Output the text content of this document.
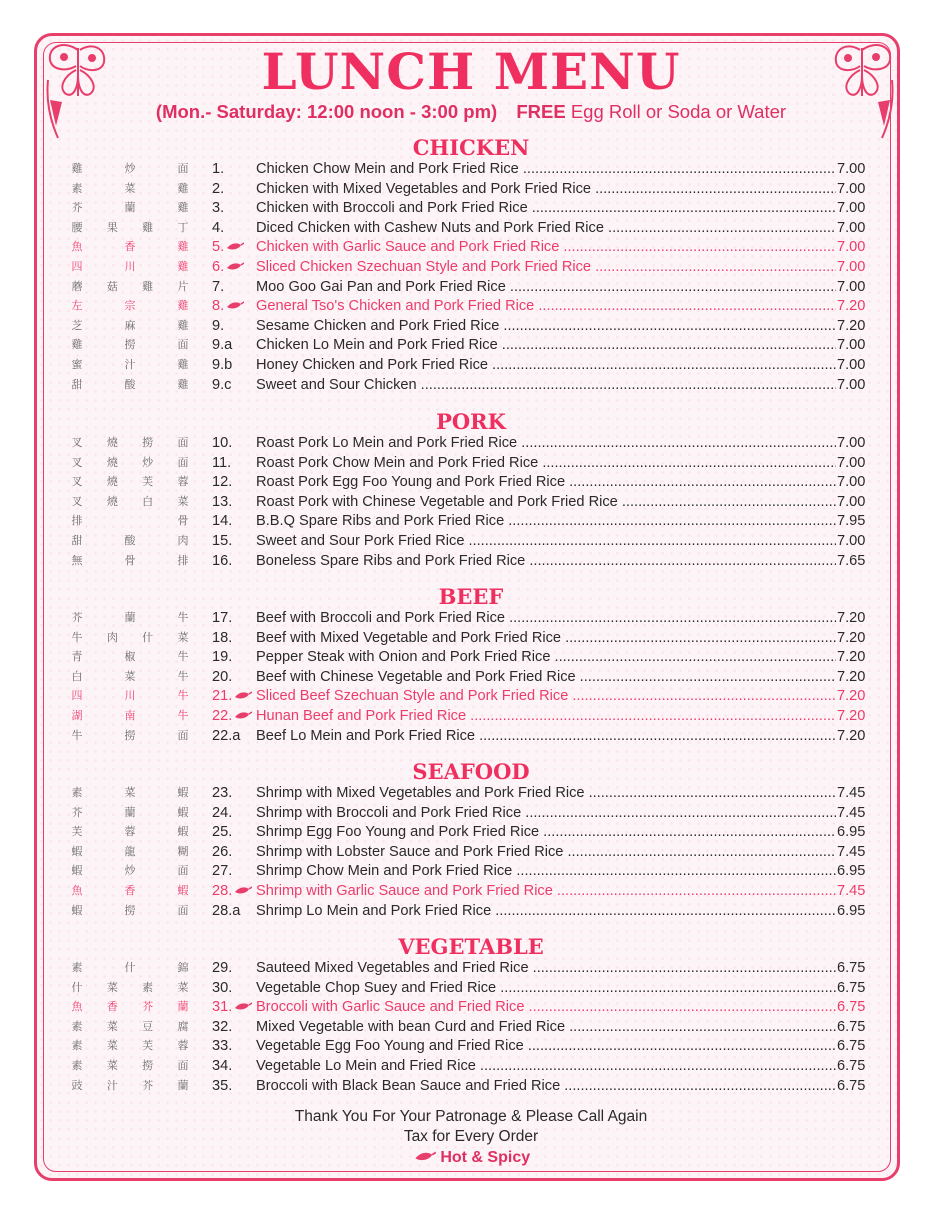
LUNCH MENU
(Mon.- Saturday: 12:00 noon - 3:00 pm) FREE Egg Roll or Soda or Water
CHICKEN
雞	炒	面 1.	Chicken Chow Mein and Pork Fried Rice .....	7.00
素	菜	雞 2.	Chicken with Mixed Vegetables and Pork Fried Rice .....	7.00
芥	蘭	雞 3.	Chicken with Broccoli and Pork Fried Rice .....	7.00
腰 果 雞 丁 4.	Diced Chicken with Cashew Nuts and Pork Fried Rice .....	7.00
魚	香	雞 5.	Chicken with Garlic Sauce and Pork Fried Rice .....	7.00
四	川	雞 6.	Sliced Chicken Szechuan Style and Pork Fried Rice .....	7.00
蘑 菇 雞 片 7.	Moo Goo Gai Pan and Pork Fried Rice .....	7.00
左	宗	雞 8.	General Tso's Chicken and Pork Fried Rice .....	7.20
芝	麻	雞 9.	Sesame Chicken and Pork Fried Rice .....	7.20
雞	撈	面 9.a	Chicken Lo Mein and Pork Fried Rice .....	7.00
蜜	汁	雞 9.b	Honey Chicken and Pork Fried Rice .....	7.00
甜	酸	雞 9.c	Sweet and Sour Chicken .....	7.00
PORK
叉 燒 撈 面 10.	Roast Pork Lo Mein and Pork Fried Rice .....	7.00
叉 燒 炒 面 11.	Roast Pork Chow Mein and Pork Fried Rice .....	7.00
叉 燒 芙 蓉 12.	Roast Pork Egg Foo Young and Pork Fried Rice .....	7.00
叉 燒 白 菜 13.	Roast Pork with Chinese Vegetable and Pork Fried Rice .....	7.00
排	骨 14.	B.B.Q Spare Ribs and Pork Fried Rice .....	7.95
甜	酸	肉 15.	Sweet and Sour Pork Fried Rice .....	7.00
無	骨	排 16.	Boneless Spare Ribs and Pork Fried Rice .....	7.65
BEEF
芥	蘭	牛 17.	Beef with Broccoli and Pork Fried Rice .....	7.20
牛 肉 什 菜 18.	Beef with Mixed Vegetable and Pork Fried Rice .....	7.20
青	椒	牛 19.	Pepper Steak with Onion and Pork Fried Rice .....	7.20
白	菜	牛 20.	Beef with Chinese Vegetable and Pork Fried Rice .....	7.20
四	川	牛 21.	Sliced Beef Szechuan Style and Pork Fried Rice .....	7.20
湖	南	牛 22.	Hunan Beef and Pork Fried Rice .....	7.20
牛	撈	面 22.a	Beef Lo Mein and Pork Fried Rice .....	7.20
SEAFOOD
素	菜	蝦 23.	Shrimp with Mixed Vegetables and Pork Fried Rice .....	7.45
芥	蘭	蝦 24.	Shrimp with Broccoli and Pork Fried Rice .....	7.45
芙	蓉	蝦 25.	Shrimp Egg Foo Young and Pork Fried Rice .....	6.95
蝦	龍	糊 26.	Shrimp with Lobster Sauce and Pork Fried Rice .....	7.45
蝦	炒	面 27.	Shrimp Chow Mein and Pork Fried Rice .....	6.95
魚	香	蝦 28.	Shrimp with Garlic Sauce and Pork Fried Rice .....	7.45
蝦	撈	面 28.a	Shrimp Lo Mein and Pork Fried Rice .....	6.95
VEGETABLE
素	什	錦 29.	Sauteed Mixed Vegetables and Fried Rice .....	6.75
什 菜 素 菜 30.	Vegetable Chop Suey and Fried Rice .....	6.75
魚 香 芥 蘭 31.	Broccoli with Garlic Sauce and Fried Rice .....	6.75
素 菜 豆 腐 32.	Mixed Vegetable with bean Curd and Fried Rice .....	6.75
素 菜 芙 蓉 33.	Vegetable Egg Foo Young and Fried Rice .....	6.75
素 菜 撈 面 34.	Vegetable Lo Mein and Fried Rice .....	6.75
豉 汁 芥 蘭 35.	Broccoli with Black Bean Sauce and Fried Rice .....	6.75
Thank You For Your Patronage & Please Call Again
Tax for Every Order
Hot & Spicy
